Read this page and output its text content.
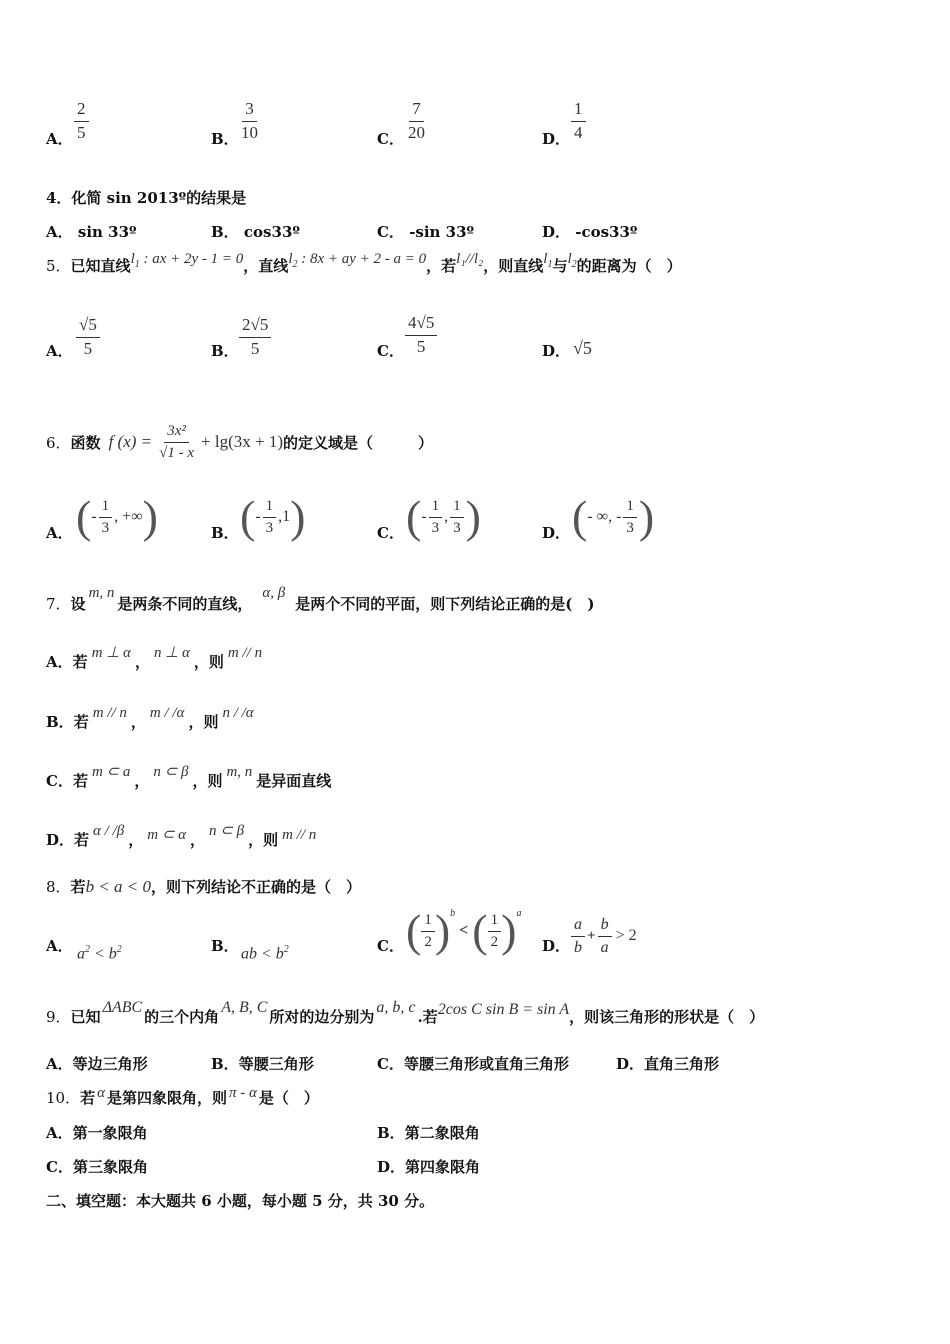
A． $\frac{2}{5}$	B． $\frac{3}{10}$	C． $\frac{7}{20}$	D． $\frac{1}{4}$
4．化简 sin 2013º的结果是
A． sin 33º	B． cos33º	C． -sin 33º	D． -cos33º
5．已知直线$l_1$ : ax + 2y - 1 = 0，直线$l_2$ : 8x + ay + 2 - a = 0，若l₁//l₂，则直线$l_1$与$l_2$的距离为（　）
A． $\frac{√5}{5}$	B． $\frac{2√5}{5}$	C． $\frac{4√5}{5}$	D． √5
6． 函数 f $(x) = \frac{\text{3x²}}{√1 - x} + \lg(3x + 1)$ 的定义域是（　　　）
A． ( - $\frac{1}{3}$ , +∞ )	B． ( - $\frac{1}{3} ,1$ )	C． ( - $\frac{1}{3}$ , $\frac{1}{3}$ )	D． ( - ∞, - $\frac{1}{3}$ )
7．设m, n是两条不同的直线，α, β是两个不同的平面，则下列结论正确的是(　)
A．若 m ⊥ α ， n ⊥ α ，则 m // n
B．若 m // n ， m / /α ，则 n / /α
C．若 m ⊂ a ， n ⊂ β ，则 m, n 是异面直线
D．若 α / /β ， m ⊂ α ， n ⊂ β ，则 m // n
8．若b < a < 0，则下列结论不正确的是（　）
A． $a^2 < b^2$	B． ab < $b^2$	C． ( $\frac{1}{2} )^b$
< ( $\frac{1}{2} )^a$
D． $\frac{a}{b} + \frac{b}{a} > 2$
9．已知ΔABC的三个内角A, B, C所对的边分别为a, b, c.若2cos C sin B = sin A，则该三角形的形状是（　）
A．等边三角形	B．等腰三角形	C．等腰三角形或直角三角形	D．直角三角形
10．若 α 是第四象限角，则 π - α 是（　）
A．第一象限角	B．第二象限角
C．第三象限角	D．第四象限角
二、填空题：本大题共 6 小题，每小题 5 分，共 30 分。
